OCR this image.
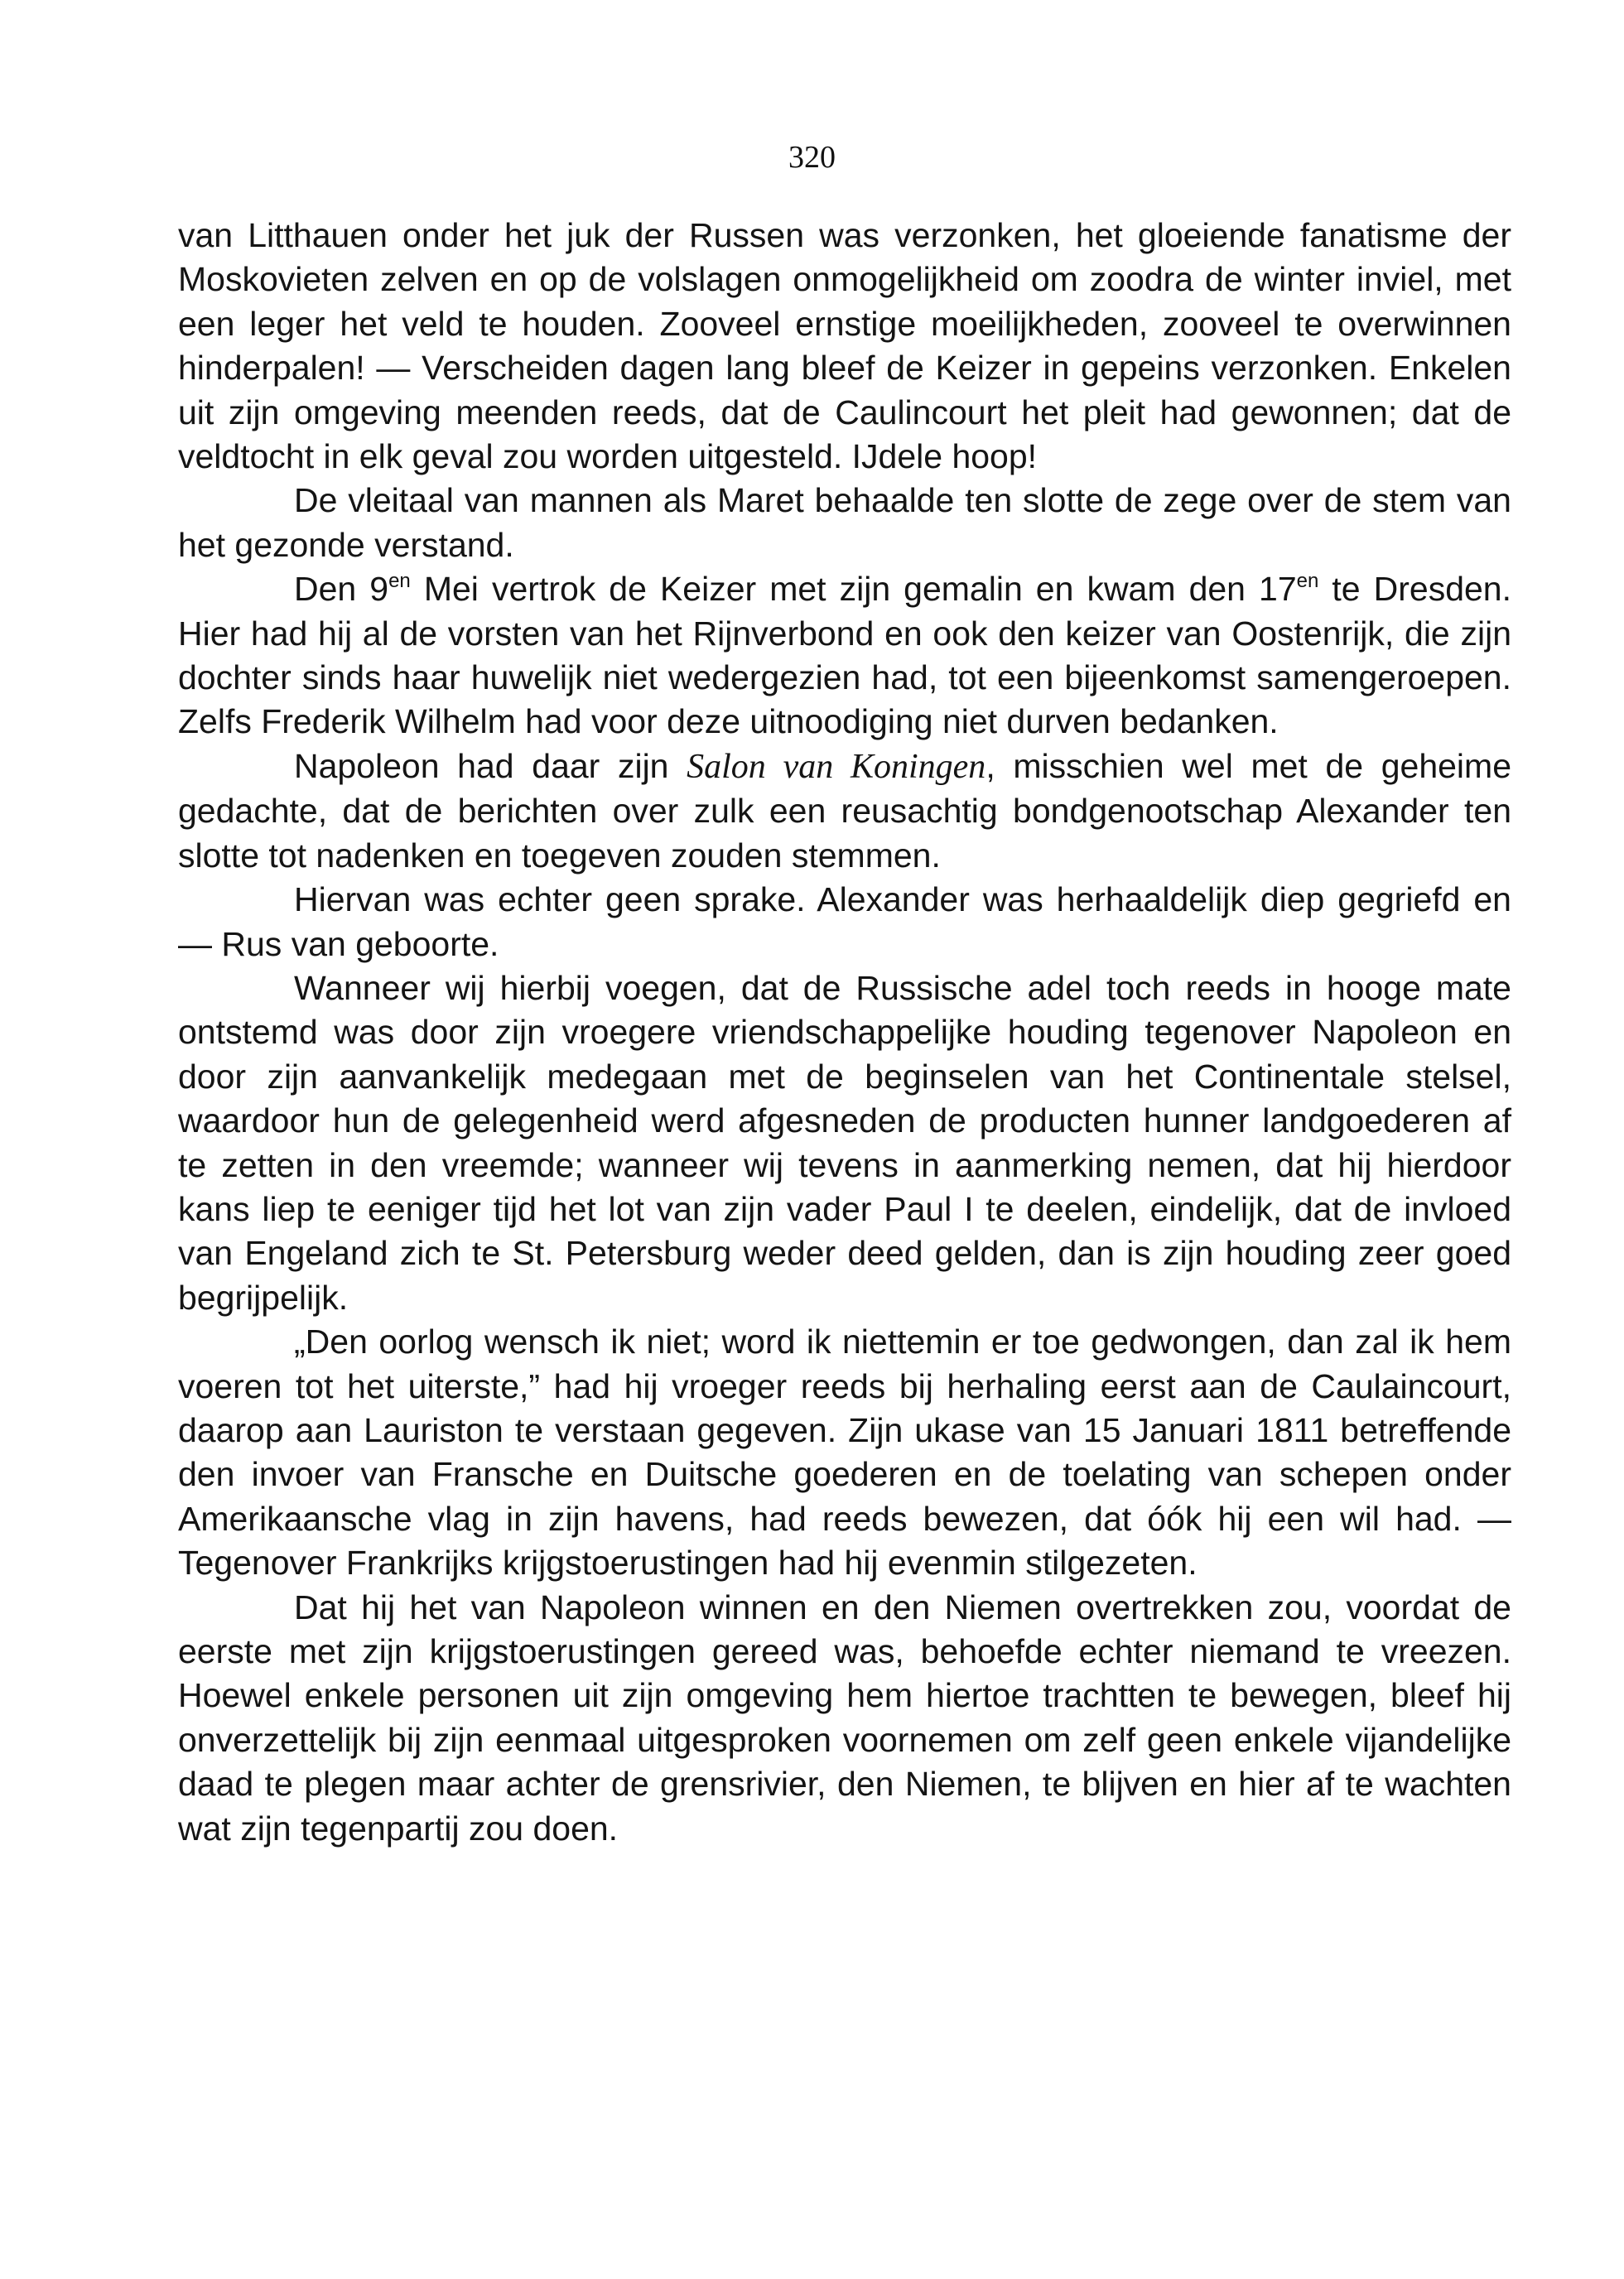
320

van Litthauen onder het juk der Russen was verzonken, het gloeiende fanatisme der Moskovieten zelven en op de volslagen onmogelijkheid om zoodra de winter inviel, met een leger het veld te houden. Zooveel ernstige moeilijkheden, zooveel te overwinnen hinderpalen! — Verscheiden dagen lang bleef de Keizer in gepeins verzonken. Enkelen uit zijn omgeving meenden reeds, dat de Caulincourt het pleit had gewonnen; dat de veldtocht in elk geval zou worden uitgesteld. IJdele hoop!

De vleitaal van mannen als Maret behaalde ten slotte de zege over de stem van het gezonde verstand.

Den $9^{en}$ Mei vertrok de Keizer met zijn gemalin en kwam den $17^{en}$ te Dresden. Hier had hij al de vorsten van het Rijnverbond en ook den keizer van Oostenrijk, die zijn dochter sinds haar huwelijk niet wedergezien had, tot een bijeenkomst samengeroepen. Zelfs Frederik Wilhelm had voor deze uitnoodiging niet durven bedanken.

Napoleon had daar zijn Salon van Koningen, misschien wel met de geheime gedachte, dat de berichten over zulk een reusachtig bondgenootschap Alexander ten slotte tot nadenken en toegeven zouden stemmen.

Hiervan was echter geen sprake. Alexander was herhaaldelijk diep gegriefd en — Rus van geboorte.

Wanneer wij hierbij voegen, dat de Russische adel toch reeds in hooge mate ontstemd was door zijn vroegere vriendschappelijke houding tegenover Napoleon en door zijn aanvankelijk medegaan met de beginselen van het Continentale stelsel, waardoor hun de gelegenheid werd afgesneden de producten hunner landgoederen af te zetten in den vreemde; wanneer wij tevens in aanmerking nemen, dat hij hierdoor kans liep te eeniger tijd het lot van zijn vader Paul I te deelen, eindelijk, dat de invloed van Engeland zich te St. Petersburg weder deed gelden, dan is zijn houding zeer goed begrijpelijk.

„Den oorlog wensch ik niet; word ik niettemin er toe gedwongen, dan zal ik hem voeren tot het uiterste,” had hij vroeger reeds bij herhaling eerst aan de Caulaincourt, daarop aan Lauriston te verstaan gegeven. Zijn ukase van 15 Januari 1811 betreffende den invoer van Fransche en Duitsche goederen en de toelating van schepen onder Amerikaansche vlag in zijn havens, had reeds bewezen, dat óók hij een wil had. — Tegenover Frankrijks krijgstoerustingen had hij evenmin stilgezeten.

Dat hij het van Napoleon winnen en den Niemen overtrekken zou, voordat de eerste met zijn krijgstoerustingen gereed was, behoefde echter niemand te vreezen. Hoewel enkele personen uit zijn omgeving hem hiertoe trachtten te bewegen, bleef hij onverzettelijk bij zijn eenmaal uitgesproken voornemen om zelf geen enkele vijandelijke daad te plegen maar achter de grensrivier, den Niemen, te blijven en hier af te wachten wat zijn tegenpartij zou doen.
